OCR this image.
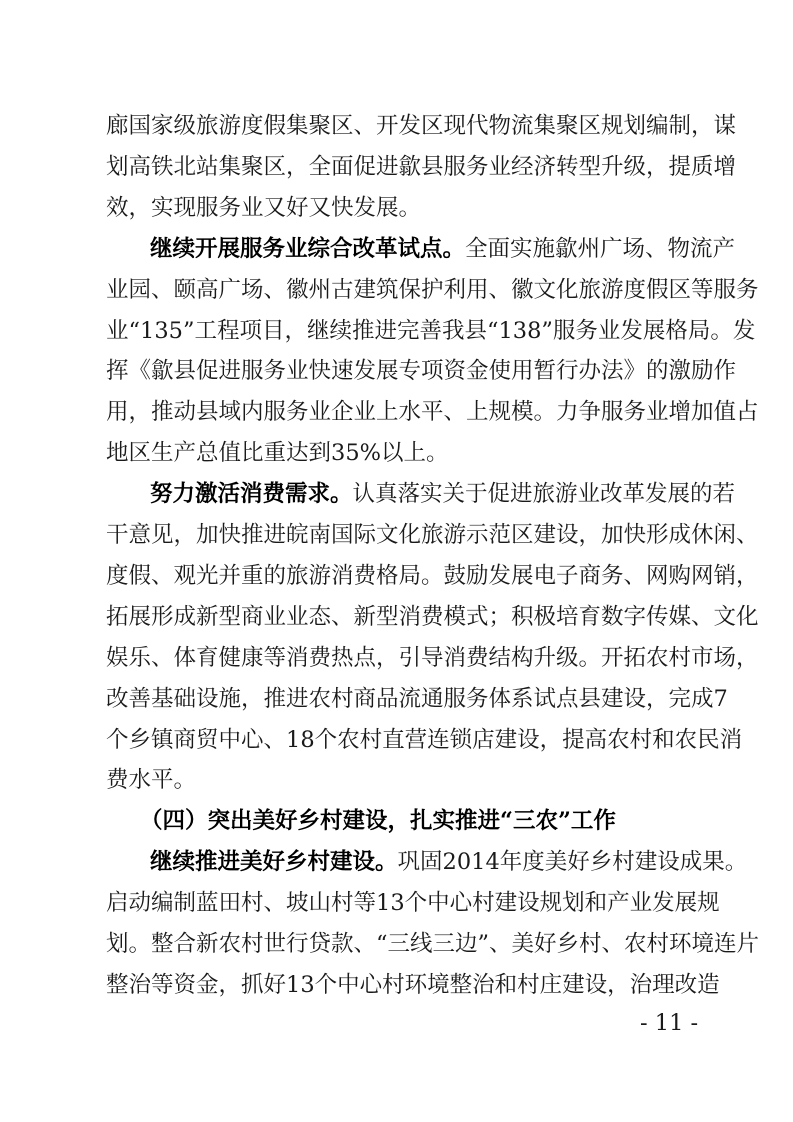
廊国家级旅游度假集聚区、开发区现代物流集聚区规划编制，谋
划高铁北站集聚区，全面促进歙县服务业经济转型升级，提质增
效，实现服务业又好又快发展。
继续开展服务业综合改革试点。全面实施歙州广场、物流产
业园、颐高广场、徽州古建筑保护利用、徽文化旅游度假区等服务
业“135”工程项目，继续推进完善我县“138”服务业发展格局。发
挥《歙县促进服务业快速发展专项资金使用暂行办法》的激励作
用，推动县域内服务业企业上水平、上规模。力争服务业增加值占
地区生产总值比重达到35%以上。
努力激活消费需求。认真落实关于促进旅游业改革发展的若
干意见，加快推进皖南国际文化旅游示范区建设，加快形成休闲、
度假、观光并重的旅游消费格局。鼓励发展电子商务、网购网销，
拓展形成新型商业业态、新型消费模式；积极培育数字传媒、文化
娱乐、体育健康等消费热点，引导消费结构升级。开拓农村市场，
改善基础设施，推进农村商品流通服务体系试点县建设，完成7
个乡镇商贸中心、18个农村直营连锁店建设，提高农村和农民消
费水平。
（四）突出美好乡村建设，扎实推进“三农”工作
继续推进美好乡村建设。巩固2014年度美好乡村建设成果。
启动编制蓝田村、坡山村等13个中心村建设规划和产业发展规
划。整合新农村世行贷款、“三线三边”、美好乡村、农村环境连片
整治等资金，抓好13个中心村环境整治和村庄建设，治理改造
- 11 -
